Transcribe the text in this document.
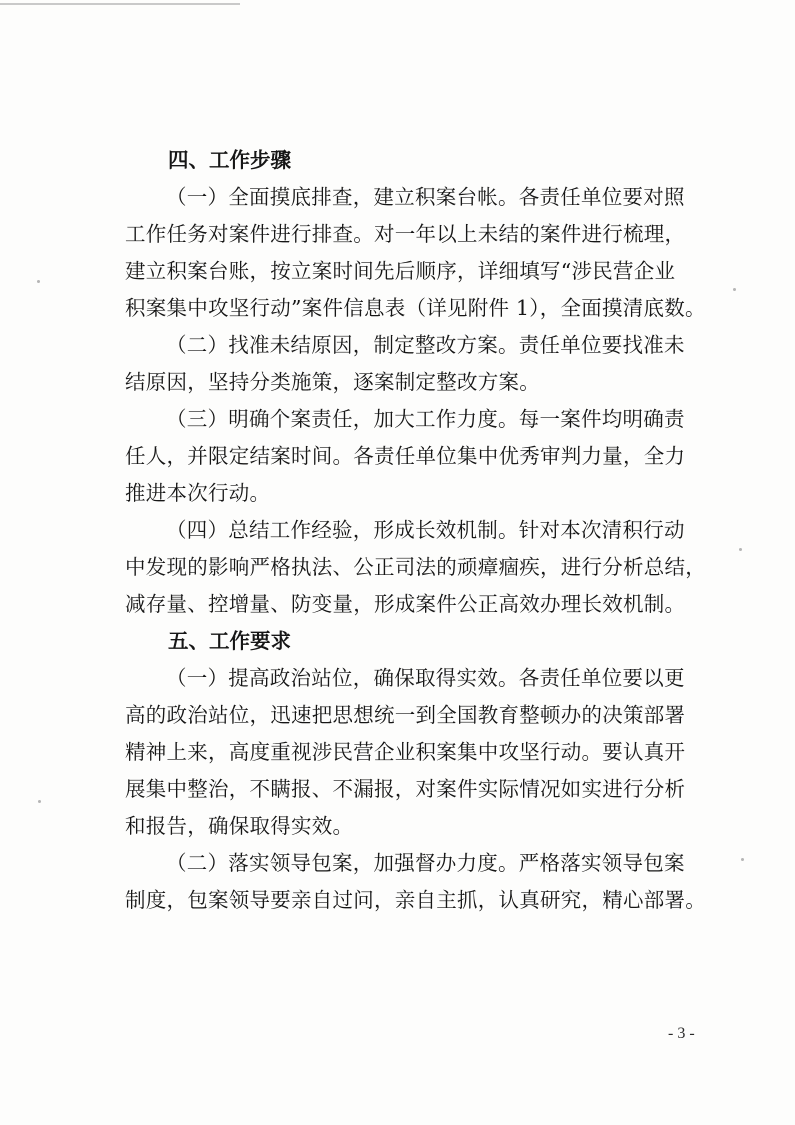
四、工作步骤

（一）全面摸底排查，建立积案台帐。各责任单位要对照
工作任务对案件进行排查。对一年以上未结的案件进行梳理，
建立积案台账，按立案时间先后顺序，详细填写“涉民营企业
积案集中攻坚行动”案件信息表（详见附件 1），全面摸清底数。

（二）找准未结原因，制定整改方案。责任单位要找准未
结原因，坚持分类施策，逐案制定整改方案。

（三）明确个案责任，加大工作力度。每一案件均明确责
任人，并限定结案时间。各责任单位集中优秀审判力量，全力
推进本次行动。

（四）总结工作经验，形成长效机制。针对本次清积行动
中发现的影响严格执法、公正司法的顽瘴痼疾，进行分析总结，
减存量、控增量、防变量，形成案件公正高效办理长效机制。

五、工作要求

（一）提高政治站位，确保取得实效。各责任单位要以更
高的政治站位，迅速把思想统一到全国教育整顿办的决策部署
精神上来，高度重视涉民营企业积案集中攻坚行动。要认真开
展集中整治，不瞒报、不漏报，对案件实际情况如实进行分析
和报告，确保取得实效。

（二）落实领导包案，加强督办力度。严格落实领导包案
制度，包案领导要亲自过问，亲自主抓，认真研究，精心部署。

- 3 -
